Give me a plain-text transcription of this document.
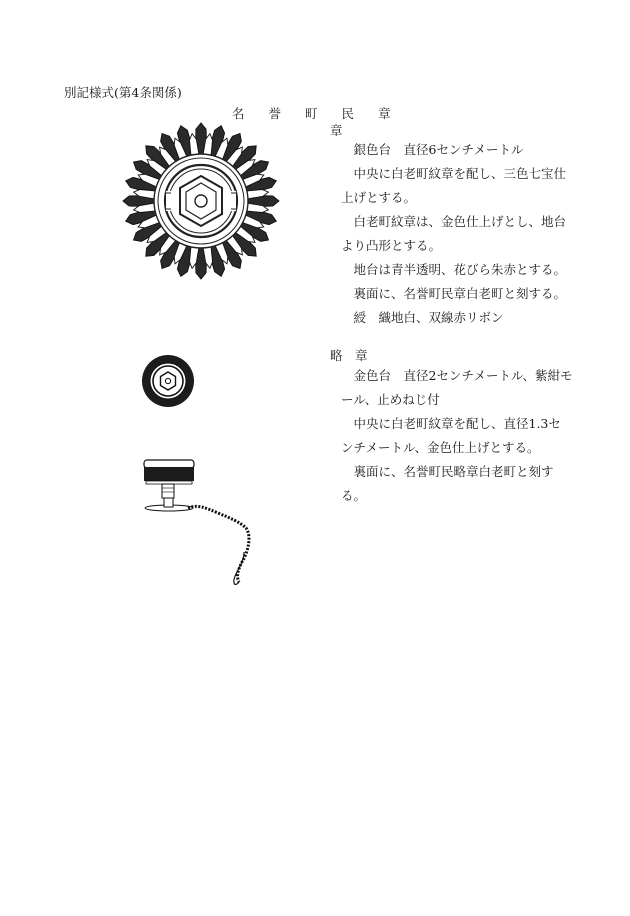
別記様式(第4条関係)
名 誉 町 民 章
章

銀色台　直径6センチメートル

中央に白老町紋章を配し、三色七宝仕上げとする。

白老町紋章は、金色仕上げとし、地台より凸形とする。

地台は青半透明、花びら朱赤とする。

裏面に、名誉町民章白老町と刻する。

綬　織地白、双線赤リボン

略　章

金色台　直径2センチメートル、紫紺モール、止めねじ付

中央に白老町紋章を配し、直径1.3センチメートル、金色仕上げとする。

裏面に、名誉町民略章白老町と刻する。
